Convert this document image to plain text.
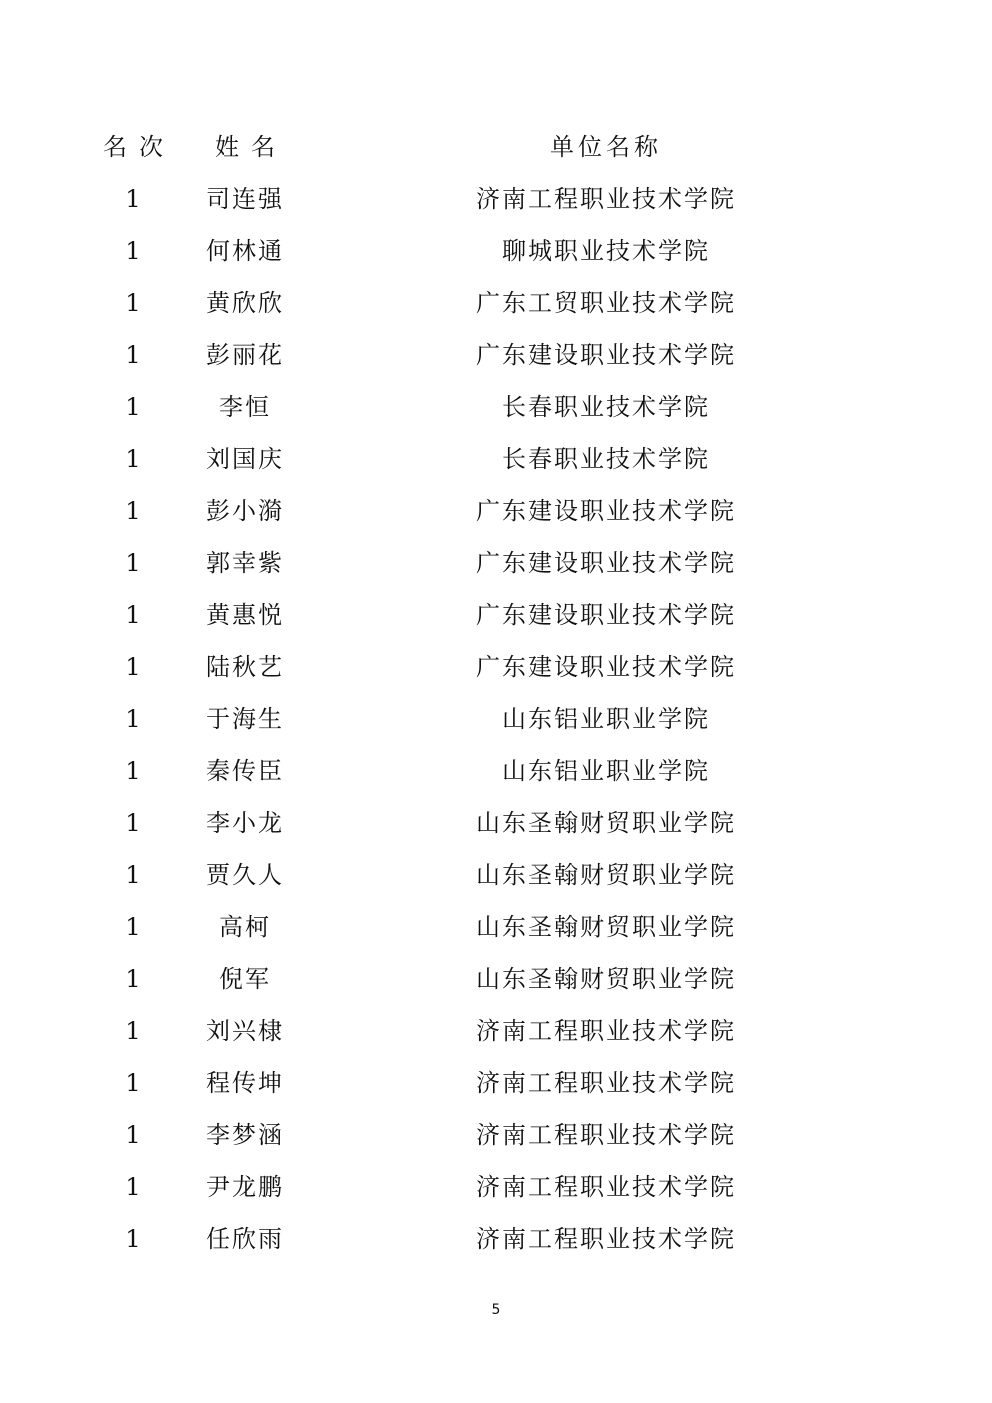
名次	姓名	单位名称
1	司连强	济南工程职业技术学院
1	何林通	聊城职业技术学院
1	黄欣欣	广东工贸职业技术学院
1	彭丽花	广东建设职业技术学院
1	李恒	长春职业技术学院
1	刘国庆	长春职业技术学院
1	彭小漪	广东建设职业技术学院
1	郭幸紫	广东建设职业技术学院
1	黄惠悦	广东建设职业技术学院
1	陆秋艺	广东建设职业技术学院
1	于海生	山东铝业职业学院
1	秦传臣	山东铝业职业学院
1	李小龙	山东圣翰财贸职业学院
1	贾久人	山东圣翰财贸职业学院
1	高柯	山东圣翰财贸职业学院
1	倪军	山东圣翰财贸职业学院
1	刘兴棣	济南工程职业技术学院
1	程传坤	济南工程职业技术学院
1	李梦涵	济南工程职业技术学院
1	尹龙鹏	济南工程职业技术学院
1	任欣雨	济南工程职业技术学院
5
